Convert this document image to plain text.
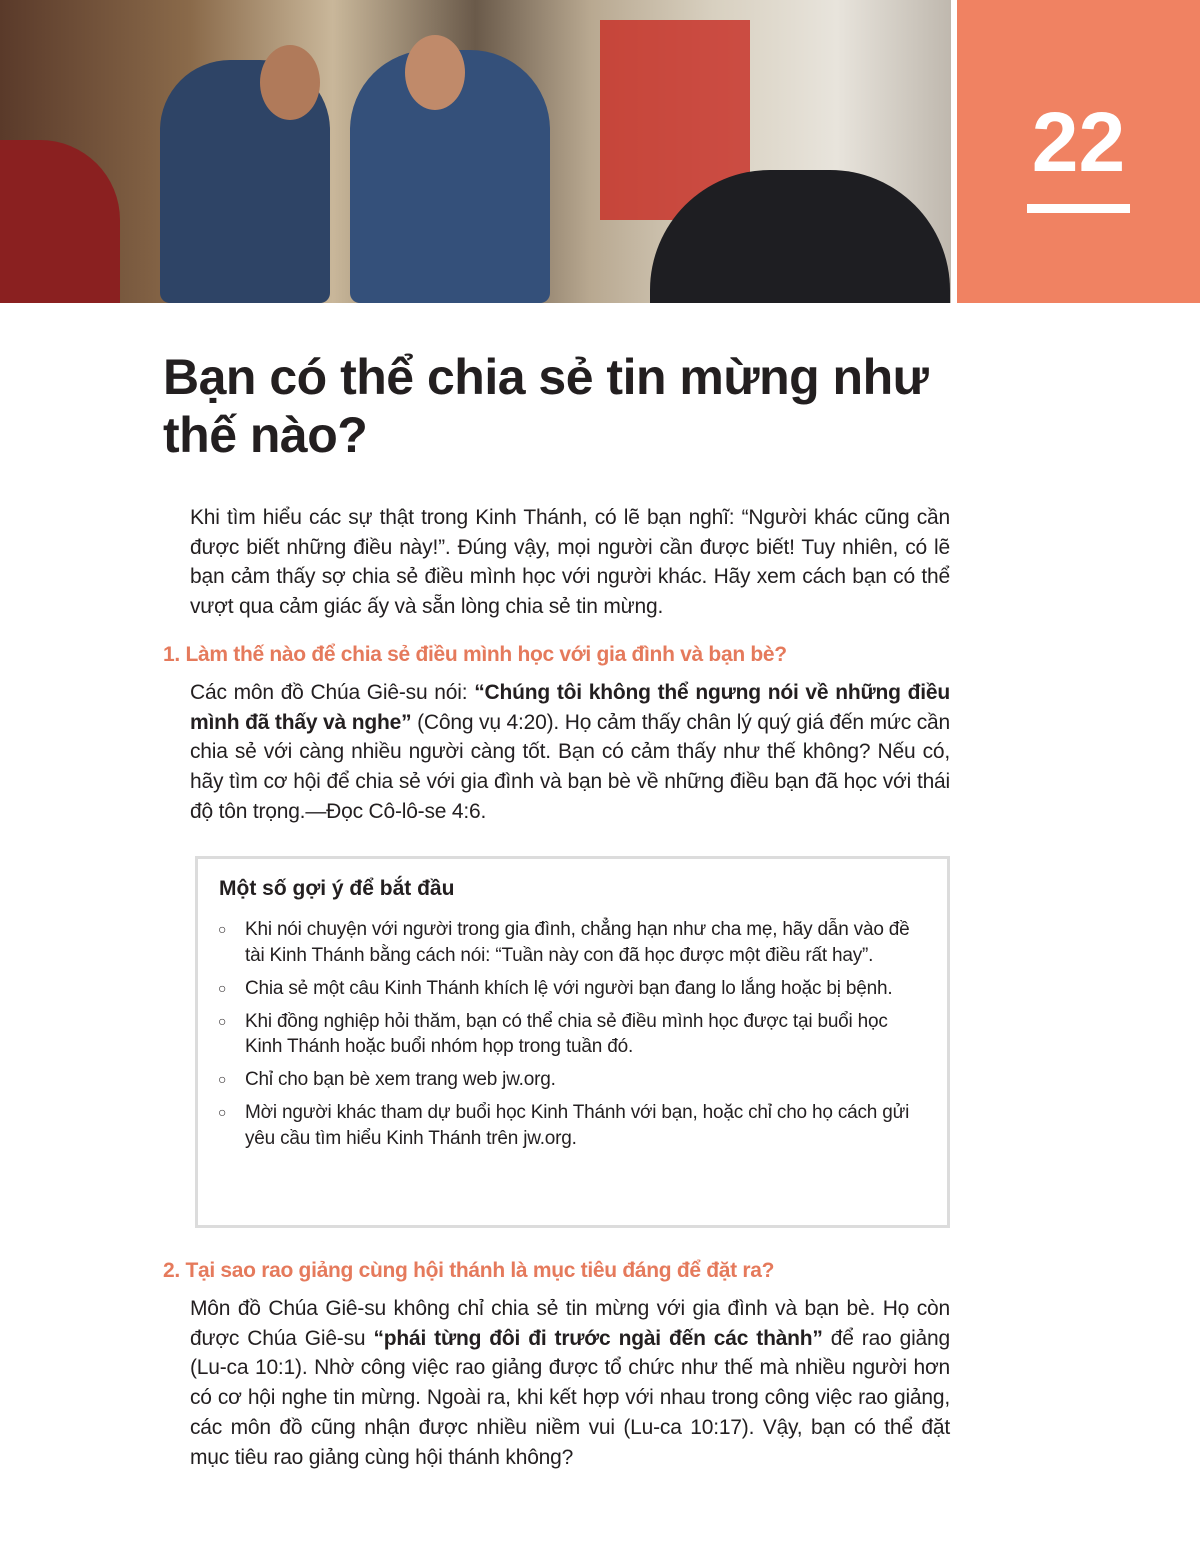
22
Bạn có thể chia sẻ tin mừng như thế nào?

Khi tìm hiểu các sự thật trong Kinh Thánh, có lẽ bạn nghĩ: “Người khác cũng cần được biết những điều này!”. Đúng vậy, mọi người cần được biết! Tuy nhiên, có lẽ bạn cảm thấy sợ chia sẻ điều mình học với người khác. Hãy xem cách bạn có thể vượt qua cảm giác ấy và sẵn lòng chia sẻ tin mừng.

1. Làm thế nào để chia sẻ điều mình học với gia đình và bạn bè?

Các môn đồ Chúa Giê-su nói: “Chúng tôi không thể ngưng nói về những điều mình đã thấy và nghe” (Công vụ 4:20). Họ cảm thấy chân lý quý giá đến mức cần chia sẻ với càng nhiều người càng tốt. Bạn có cảm thấy như thế không? Nếu có, hãy tìm cơ hội để chia sẻ với gia đình và bạn bè về những điều bạn đã học với thái độ tôn trọng.—Đọc Cô-lô-se 4:6.

Một số gợi ý để bắt đầu
○ Khi nói chuyện với người trong gia đình, chẳng hạn như cha mẹ, hãy dẫn vào đề tài Kinh Thánh bằng cách nói: “Tuần này con đã học được một điều rất hay”.
○ Chia sẻ một câu Kinh Thánh khích lệ với người bạn đang lo lắng hoặc bị bệnh.
○ Khi đồng nghiệp hỏi thăm, bạn có thể chia sẻ điều mình học được tại buổi học Kinh Thánh hoặc buổi nhóm họp trong tuần đó.
○ Chỉ cho bạn bè xem trang web jw.org.
○ Mời người khác tham dự buổi học Kinh Thánh với bạn, hoặc chỉ cho họ cách gửi yêu cầu tìm hiểu Kinh Thánh trên jw.org.
2. Tại sao rao giảng cùng hội thánh là mục tiêu đáng để đặt ra?

Môn đồ Chúa Giê-su không chỉ chia sẻ tin mừng với gia đình và bạn bè. Họ còn được Chúa Giê-su “phái từng đôi đi trước ngài đến các thành” để rao giảng (Lu-ca 10:1). Nhờ công việc rao giảng được tổ chức như thế mà nhiều người hơn có cơ hội nghe tin mừng. Ngoài ra, khi kết hợp với nhau trong công việc rao giảng, các môn đồ cũng nhận được nhiều niềm vui (Lu-ca 10:17). Vậy, bạn có thể đặt mục tiêu rao giảng cùng hội thánh không?
